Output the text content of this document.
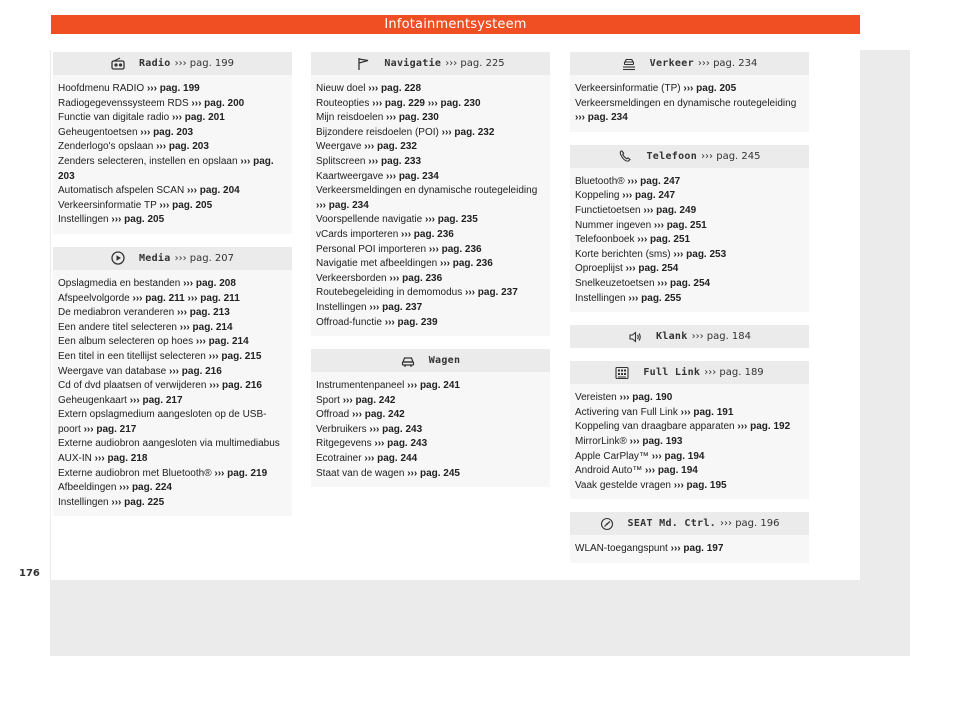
Infotainmentsysteem
Radio ››› pag. 199
Hoofdmenu RADIO ››› pag. 199
Radiogegevenssysteem RDS ››› pag. 200
Functie van digitale radio ››› pag. 201
Geheugentoetsen ››› pag. 203
Zenderlogo's opslaan ››› pag. 203
Zenders selecteren, instellen en opslaan ››› pag. 203
Automatisch afspelen SCAN ››› pag. 204
Verkeersinformatie TP ››› pag. 205
Instellingen ››› pag. 205
Media ››› pag. 207
Opslagmedia en bestanden ››› pag. 208
Afspeelvolgorde ››› pag. 211 ››› pag. 211
De mediabron veranderen ››› pag. 213
Een andere titel selecteren ››› pag. 214
Een album selecteren op hoes ››› pag. 214
Een titel in een titellijst selecteren ››› pag. 215
Weergave van database ››› pag. 216
Cd of dvd plaatsen of verwijderen ››› pag. 216
Geheugenkaart ››› pag. 217
Extern opslagmedium aangesloten op de USB-poort ››› pag. 217
Externe audiobron aangesloten via multimediabus AUX-IN ››› pag. 218
Externe audiobron met Bluetooth® ››› pag. 219
Afbeeldingen ››› pag. 224
Instellingen ››› pag. 225
Navigatie ››› pag. 225
Nieuw doel ››› pag. 228
Routeopties ››› pag. 229 ››› pag. 230
Mijn reisdoelen ››› pag. 230
Bijzondere reisdoelen (POI) ››› pag. 232
Weergave ››› pag. 232
Splitscreen ››› pag. 233
Kaartweergave ››› pag. 234
Verkeersmeldingen en dynamische routegeleiding ››› pag. 234
Voorspellende navigatie ››› pag. 235
vCards importeren ››› pag. 236
Personal POI importeren ››› pag. 236
Navigatie met afbeeldingen ››› pag. 236
Verkeersborden ››› pag. 236
Routebegeleiding in demomodus ››› pag. 237
Instellingen ››› pag. 237
Offroad-functie ››› pag. 239
Wagen
Instrumentenpaneel ››› pag. 241
Sport ››› pag. 242
Offroad ››› pag. 242
Verbruikers ››› pag. 243
Ritgegevens ››› pag. 243
Ecotrainer ››› pag. 244
Staat van de wagen ››› pag. 245
Verkeer ››› pag. 234
Verkeersinformatie (TP) ››› pag. 205
Verkeersmeldingen en dynamische routegeleiding ››› pag. 234
Telefoon ››› pag. 245
Bluetooth® ››› pag. 247
Koppeling ››› pag. 247
Functietoetsen ››› pag. 249
Nummer ingeven ››› pag. 251
Telefoonboek ››› pag. 251
Korte berichten (sms) ››› pag. 253
Oproeplijst ››› pag. 254
Snelkeuzetoetsen ››› pag. 254
Instellingen ››› pag. 255
Klank ››› pag. 184
Full Link ››› pag. 189
Vereisten ››› pag. 190
Activering van Full Link ››› pag. 191
Koppeling van draagbare apparaten ››› pag. 192
MirrorLink® ››› pag. 193
Apple CarPlay™ ››› pag. 194
Android Auto™ ››› pag. 194
Vaak gestelde vragen ››› pag. 195
SEAT Md. Ctrl. ››› pag. 196
WLAN-toegangspunt ››› pag. 197
176
